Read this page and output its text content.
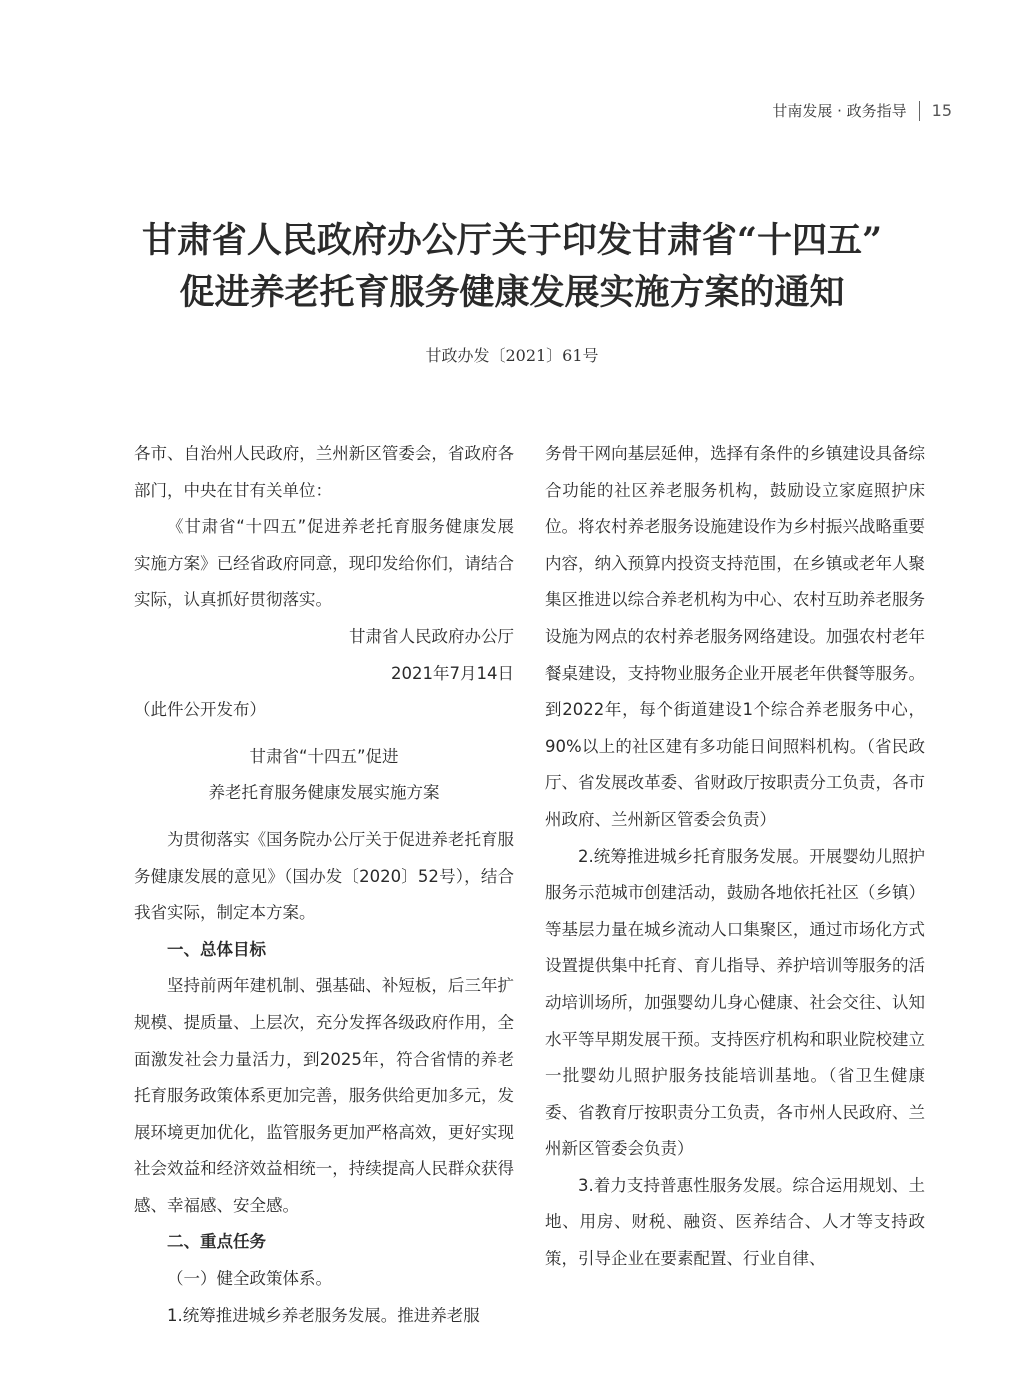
甘南发展 · 政务指导 15
甘肃省人民政府办公厅关于印发甘肃省“十四五”
促进养老托育服务健康发展实施方案的通知
甘政办发〔2021〕61号

各市、自治州人民政府，兰州新区管委会，省政府各部门，中央在甘有关单位：

《甘肃省“十四五”促进养老托育服务健康发展实施方案》已经省政府同意，现印发给你们，请结合实际，认真抓好贯彻落实。

甘肃省人民政府办公厅

2021年7月14日

（此件公开发布）

甘肃省“十四五”促进

养老托育服务健康发展实施方案

为贯彻落实《国务院办公厅关于促进养老托育服务健康发展的意见》（国办发〔2020〕52号），结合我省实际，制定本方案。

一、总体目标

坚持前两年建机制、强基础、补短板，后三年扩规模、提质量、上层次，充分发挥各级政府作用，全面激发社会力量活力，到2025年，符合省情的养老托育服务政策体系更加完善，服务供给更加多元，发展环境更加优化，监管服务更加严格高效，更好实现社会效益和经济效益相统一，持续提高人民群众获得感、幸福感、安全感。

二、重点任务

（一）健全政策体系。

1.统筹推进城乡养老服务发展。推进养老服

务骨干网向基层延伸，选择有条件的乡镇建设具备综合功能的社区养老服务机构，鼓励设立家庭照护床位。将农村养老服务设施建设作为乡村振兴战略重要内容，纳入预算内投资支持范围，在乡镇或老年人聚集区推进以综合养老机构为中心、农村互助养老服务设施为网点的农村养老服务网络建设。加强农村老年餐桌建设，支持物业服务企业开展老年供餐等服务。到2022年，每个街道建设1个综合养老服务中心，90%以上的社区建有多功能日间照料机构。（省民政厅、省发展改革委、省财政厅按职责分工负责，各市州政府、兰州新区管委会负责）

2.统筹推进城乡托育服务发展。开展婴幼儿照护服务示范城市创建活动，鼓励各地依托社区（乡镇）等基层力量在城乡流动人口集聚区，通过市场化方式设置提供集中托育、育儿指导、养护培训等服务的活动培训场所，加强婴幼儿身心健康、社会交往、认知水平等早期发展干预。支持医疗机构和职业院校建立一批婴幼儿照护服务技能培训基地。（省卫生健康委、省教育厅按职责分工负责，各市州人民政府、兰州新区管委会负责）

3.着力支持普惠性服务发展。综合运用规划、土地、用房、财税、融资、医养结合、人才等支持政策，引导企业在要素配置、行业自律、
